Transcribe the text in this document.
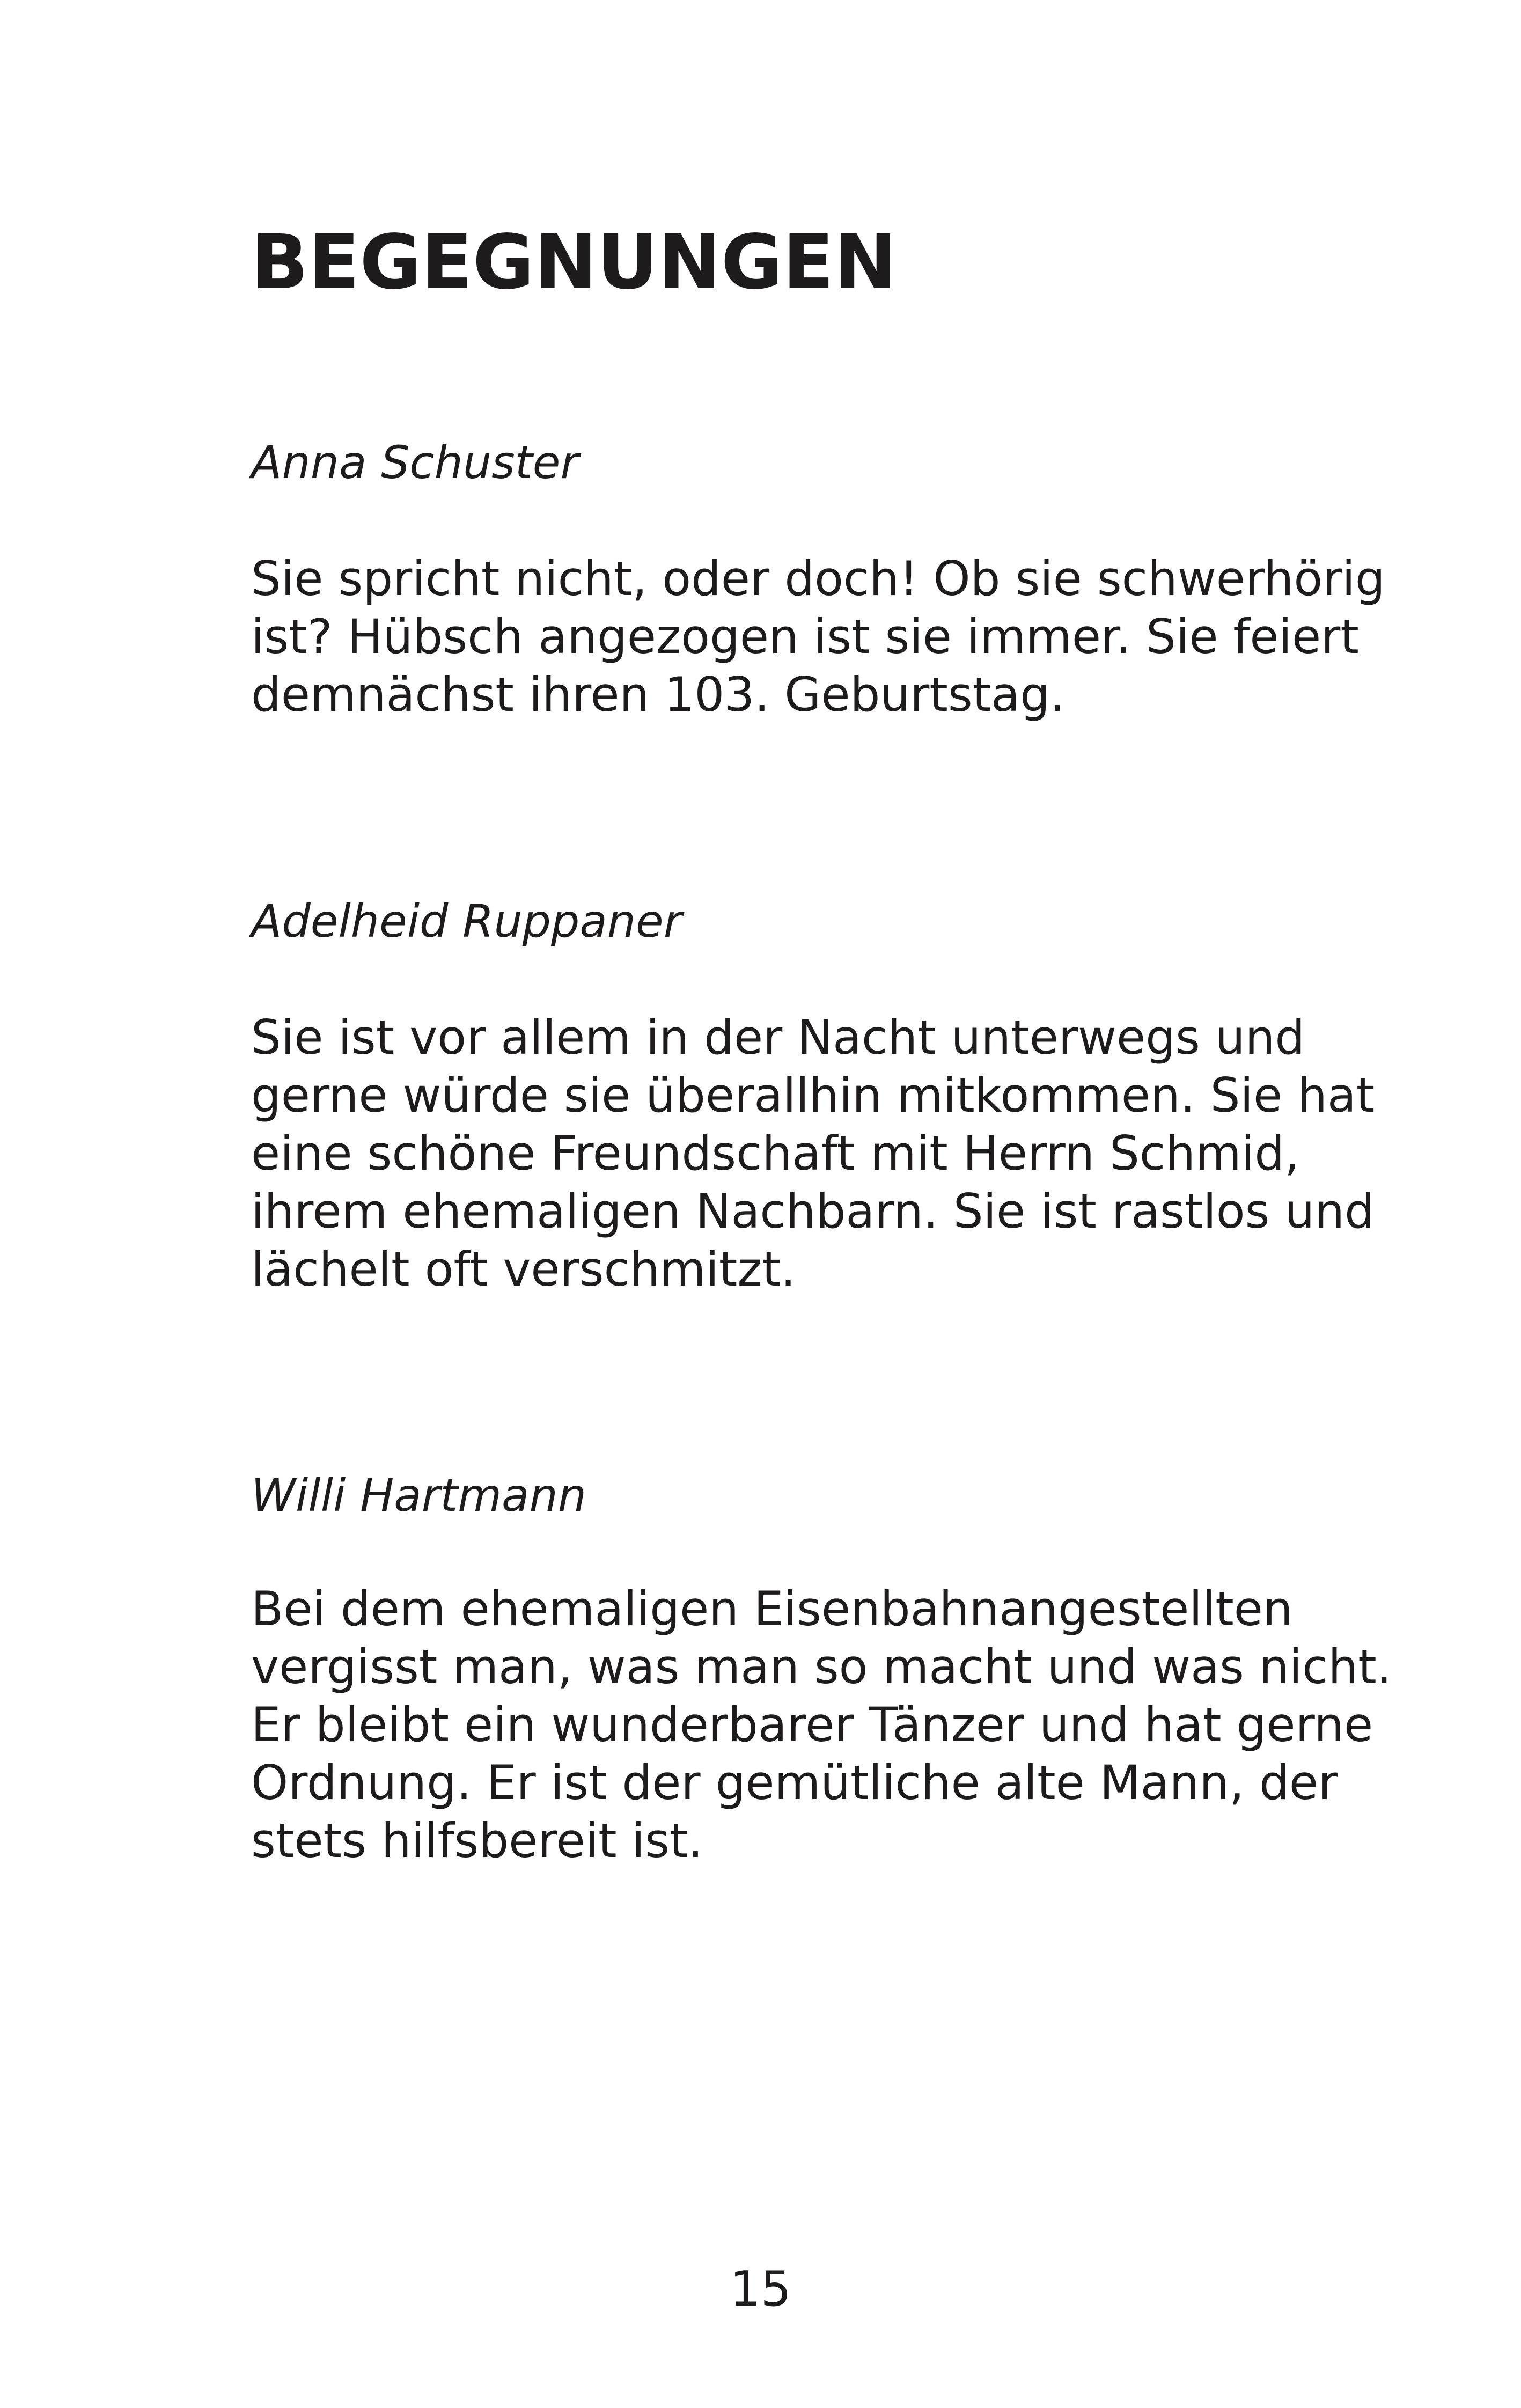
BEGEGNUNGEN

Anna Schuster

Sie spricht nicht, oder doch! Ob sie schwerhörig
ist? Hübsch angezogen ist sie immer. Sie feiert
demnächst ihren 103. Geburtstag.

Adelheid Ruppaner

Sie ist vor allem in der Nacht unterwegs und
gerne würde sie überallhin mitkommen. Sie hat
eine schöne Freundschaft mit Herrn Schmid,
ihrem ehemaligen Nachbarn. Sie ist rastlos und
lächelt oft verschmitzt.

Willi Hartmann

Bei dem ehemaligen Eisenbahnangestellten
vergisst man, was man so macht und was nicht.
Er bleibt ein wunderbarer Tänzer und hat gerne
Ordnung. Er ist der gemütliche alte Mann, der
stets hilfsbereit ist.

15
